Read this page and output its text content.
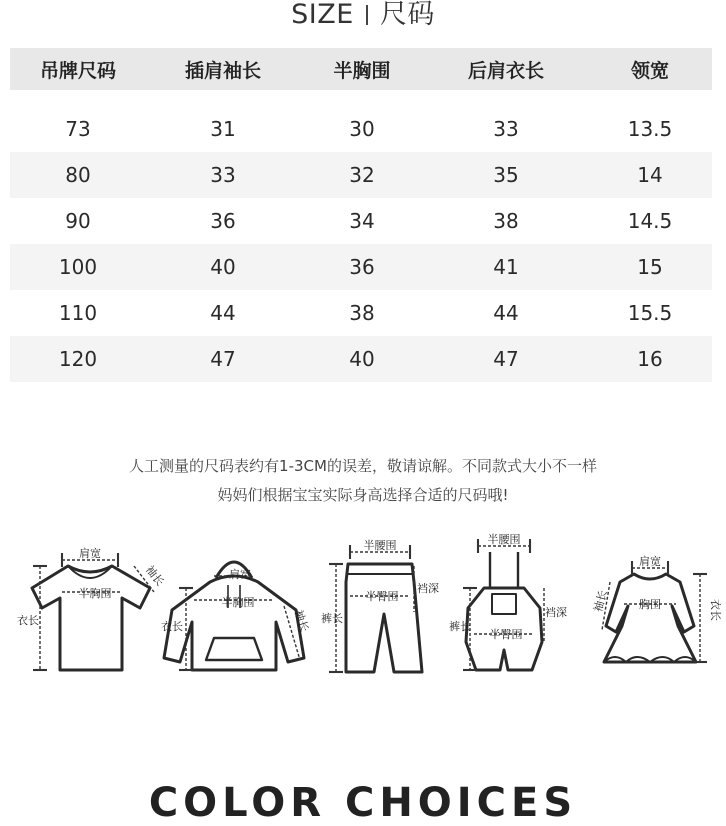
SIZE 尺码
吊牌尺码	插肩袖长	半胸围	后肩衣长	领宽
73	31	30	33	13.5
80	33	32	35	14
90	36	34	38	14.5
100	40	36	41	15
110	44	38	44	15.5
120	47	40	47	16
人工测量的尺码表约有1-3CM的误差，敬请谅解。不同款式大小不一样
妈妈们根据宝宝实际身高选择合适的尺码哦!
肩宽
半胸围
衣长
袖长	肩宽
半胸围
衣长	袖长
半腰围
半臀围
裆深
裤长
半腰围
半臀围
裆深
裤长
肩宽
胸围	衣长
袖长
COLOR CHOICES
